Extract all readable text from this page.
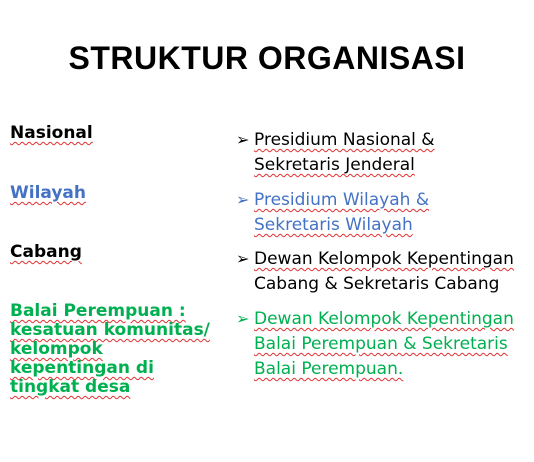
STRUKTUR ORGANISASI
Nasional
Wilayah
Cabang
Balai Perempuan :
kesatuan komunitas/
kelompok
kepentingan di
tingkat desa
➢ Presidium Nasional &
Sekretaris Jenderal
➢ Presidium Wilayah &
Sekretaris Wilayah
➢ Dewan Kelompok Kepentingan
Cabang & Sekretaris Cabang
➢ Dewan Kelompok Kepentingan
Balai Perempuan & Sekretaris
Balai Perempuan.
